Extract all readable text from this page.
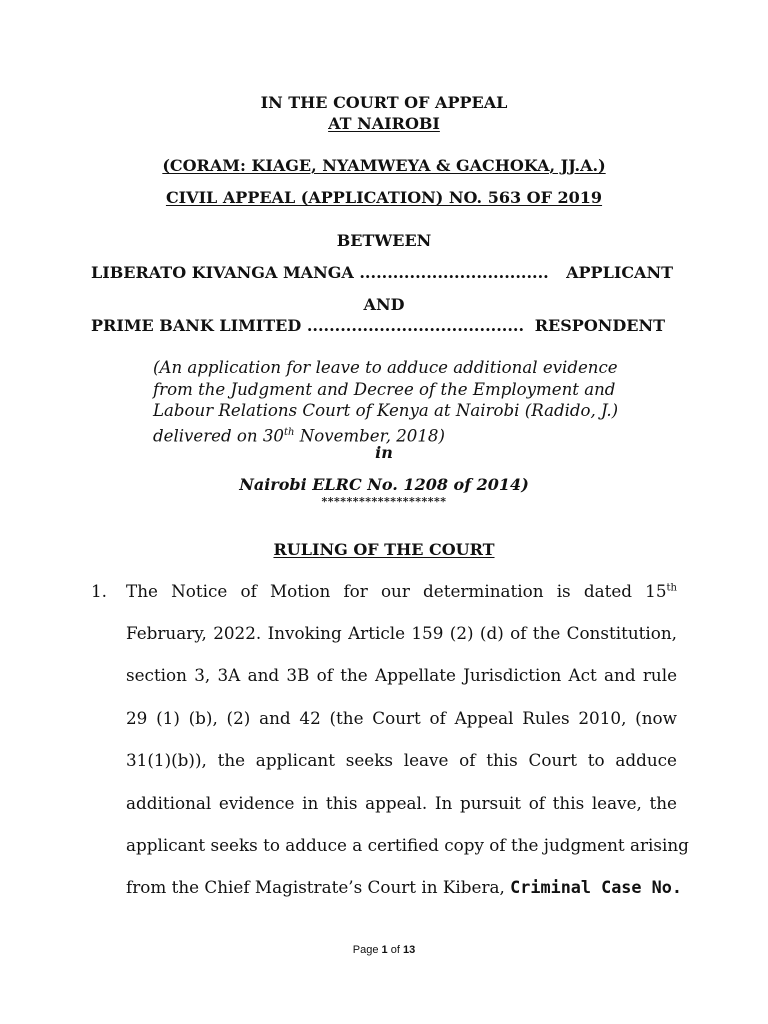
IN THE COURT OF APPEAL
AT NAIROBI
(CORAM: KIAGE, NYAMWEYA & GACHOKA, JJ.A.)
CIVIL APPEAL (APPLICATION) NO. 563 OF 2019
BETWEEN
LIBERATO KIVANGA MANGA .................................. APPLICANT
AND
PRIME BANK LIMITED ....................................... RESPONDENT
(An application for leave to adduce additional evidence
from the Judgment and Decree of the Employment and
Labour Relations Court of Kenya at Nairobi (Radido, J.)
delivered on 30th November, 2018)
in
Nairobi ELRC No. 1208 of 2014)
********************
RULING OF THE COURT
1. The Notice of Motion for our determination is dated 15th
February, 2022. Invoking Article 159 (2) (d) of the Constitution,
section 3, 3A and 3B of the Appellate Jurisdiction Act and rule
29 (1) (b), (2) and 42 (the Court of Appeal Rules 2010, (now
31(1)(b)), the applicant seeks leave of this Court to adduce
additional evidence in this appeal. In pursuit of this leave, the
applicant seeks to adduce a certified copy of the judgment arising
from the Chief Magistrate’s Court in Kibera, Criminal Case No.
Page 1 of 13
